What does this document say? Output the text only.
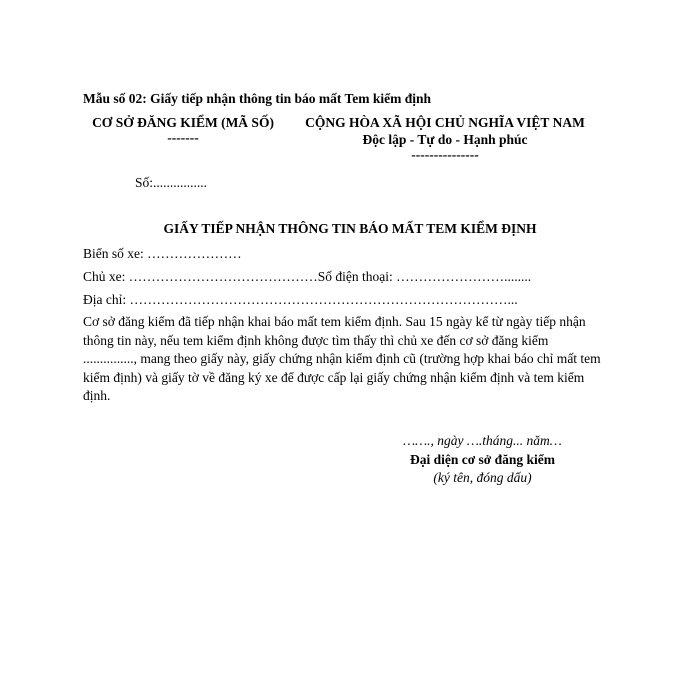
Mẫu số 02: Giấy tiếp nhận thông tin báo mất Tem kiểm định
CƠ SỞ ĐĂNG KIỂM (MÃ SỐ)
-------
CỘNG HÒA XÃ HỘI CHỦ NGHĨA VIỆT NAM
Độc lập - Tự do - Hạnh phúc
---------------
Số:................
GIẤY TIẾP NHẬN THÔNG TIN BÁO MẤT TEM KIỂM ĐỊNH
Biển số xe: …………………
Chủ xe: ……………………………………Số điện thoại: ……………………........
Địa chỉ: …………………………………………………………………………...
Cơ sở đăng kiểm đã tiếp nhận khai báo mất tem kiểm định. Sau 15 ngày kể từ ngày tiếp nhận thông tin này, nếu tem kiểm định không được tìm thấy thì chủ xe đến cơ sở đăng kiểm ..............., mang theo giấy này, giấy chứng nhận kiểm định cũ (trường hợp khai báo chỉ mất tem kiểm định) và giấy tờ về đăng ký xe để được cấp lại giấy chứng nhận kiểm định và tem kiểm định.
……., ngày ….tháng... năm…
Đại diện cơ sở đăng kiểm
(ký tên, đóng dấu)
